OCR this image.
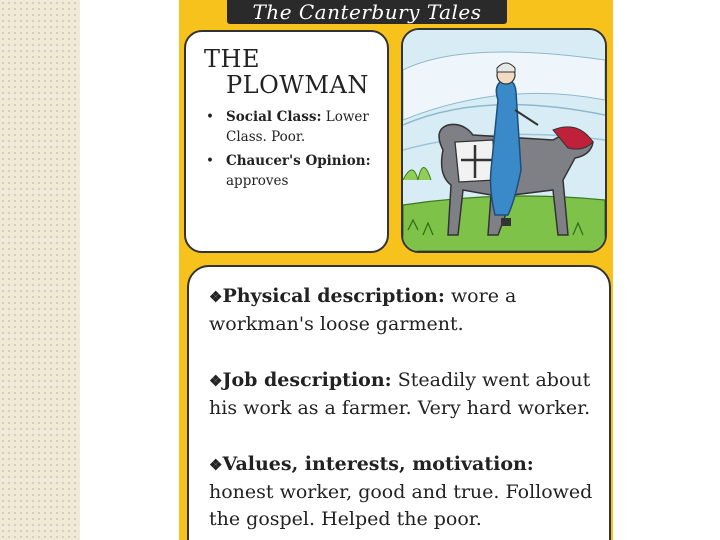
The Canterbury Tales
THE
PLOWMAN
• Social Class: Lower Class. Poor.
• Chaucer's Opinion: approves

❖Physical description: wore a workman's loose garment.

❖Job description: Steadily went about his work as a farmer. Very hard worker.

❖Values, interests, motivation: honest worker, good and true. Followed the gospel. Helped the poor.
